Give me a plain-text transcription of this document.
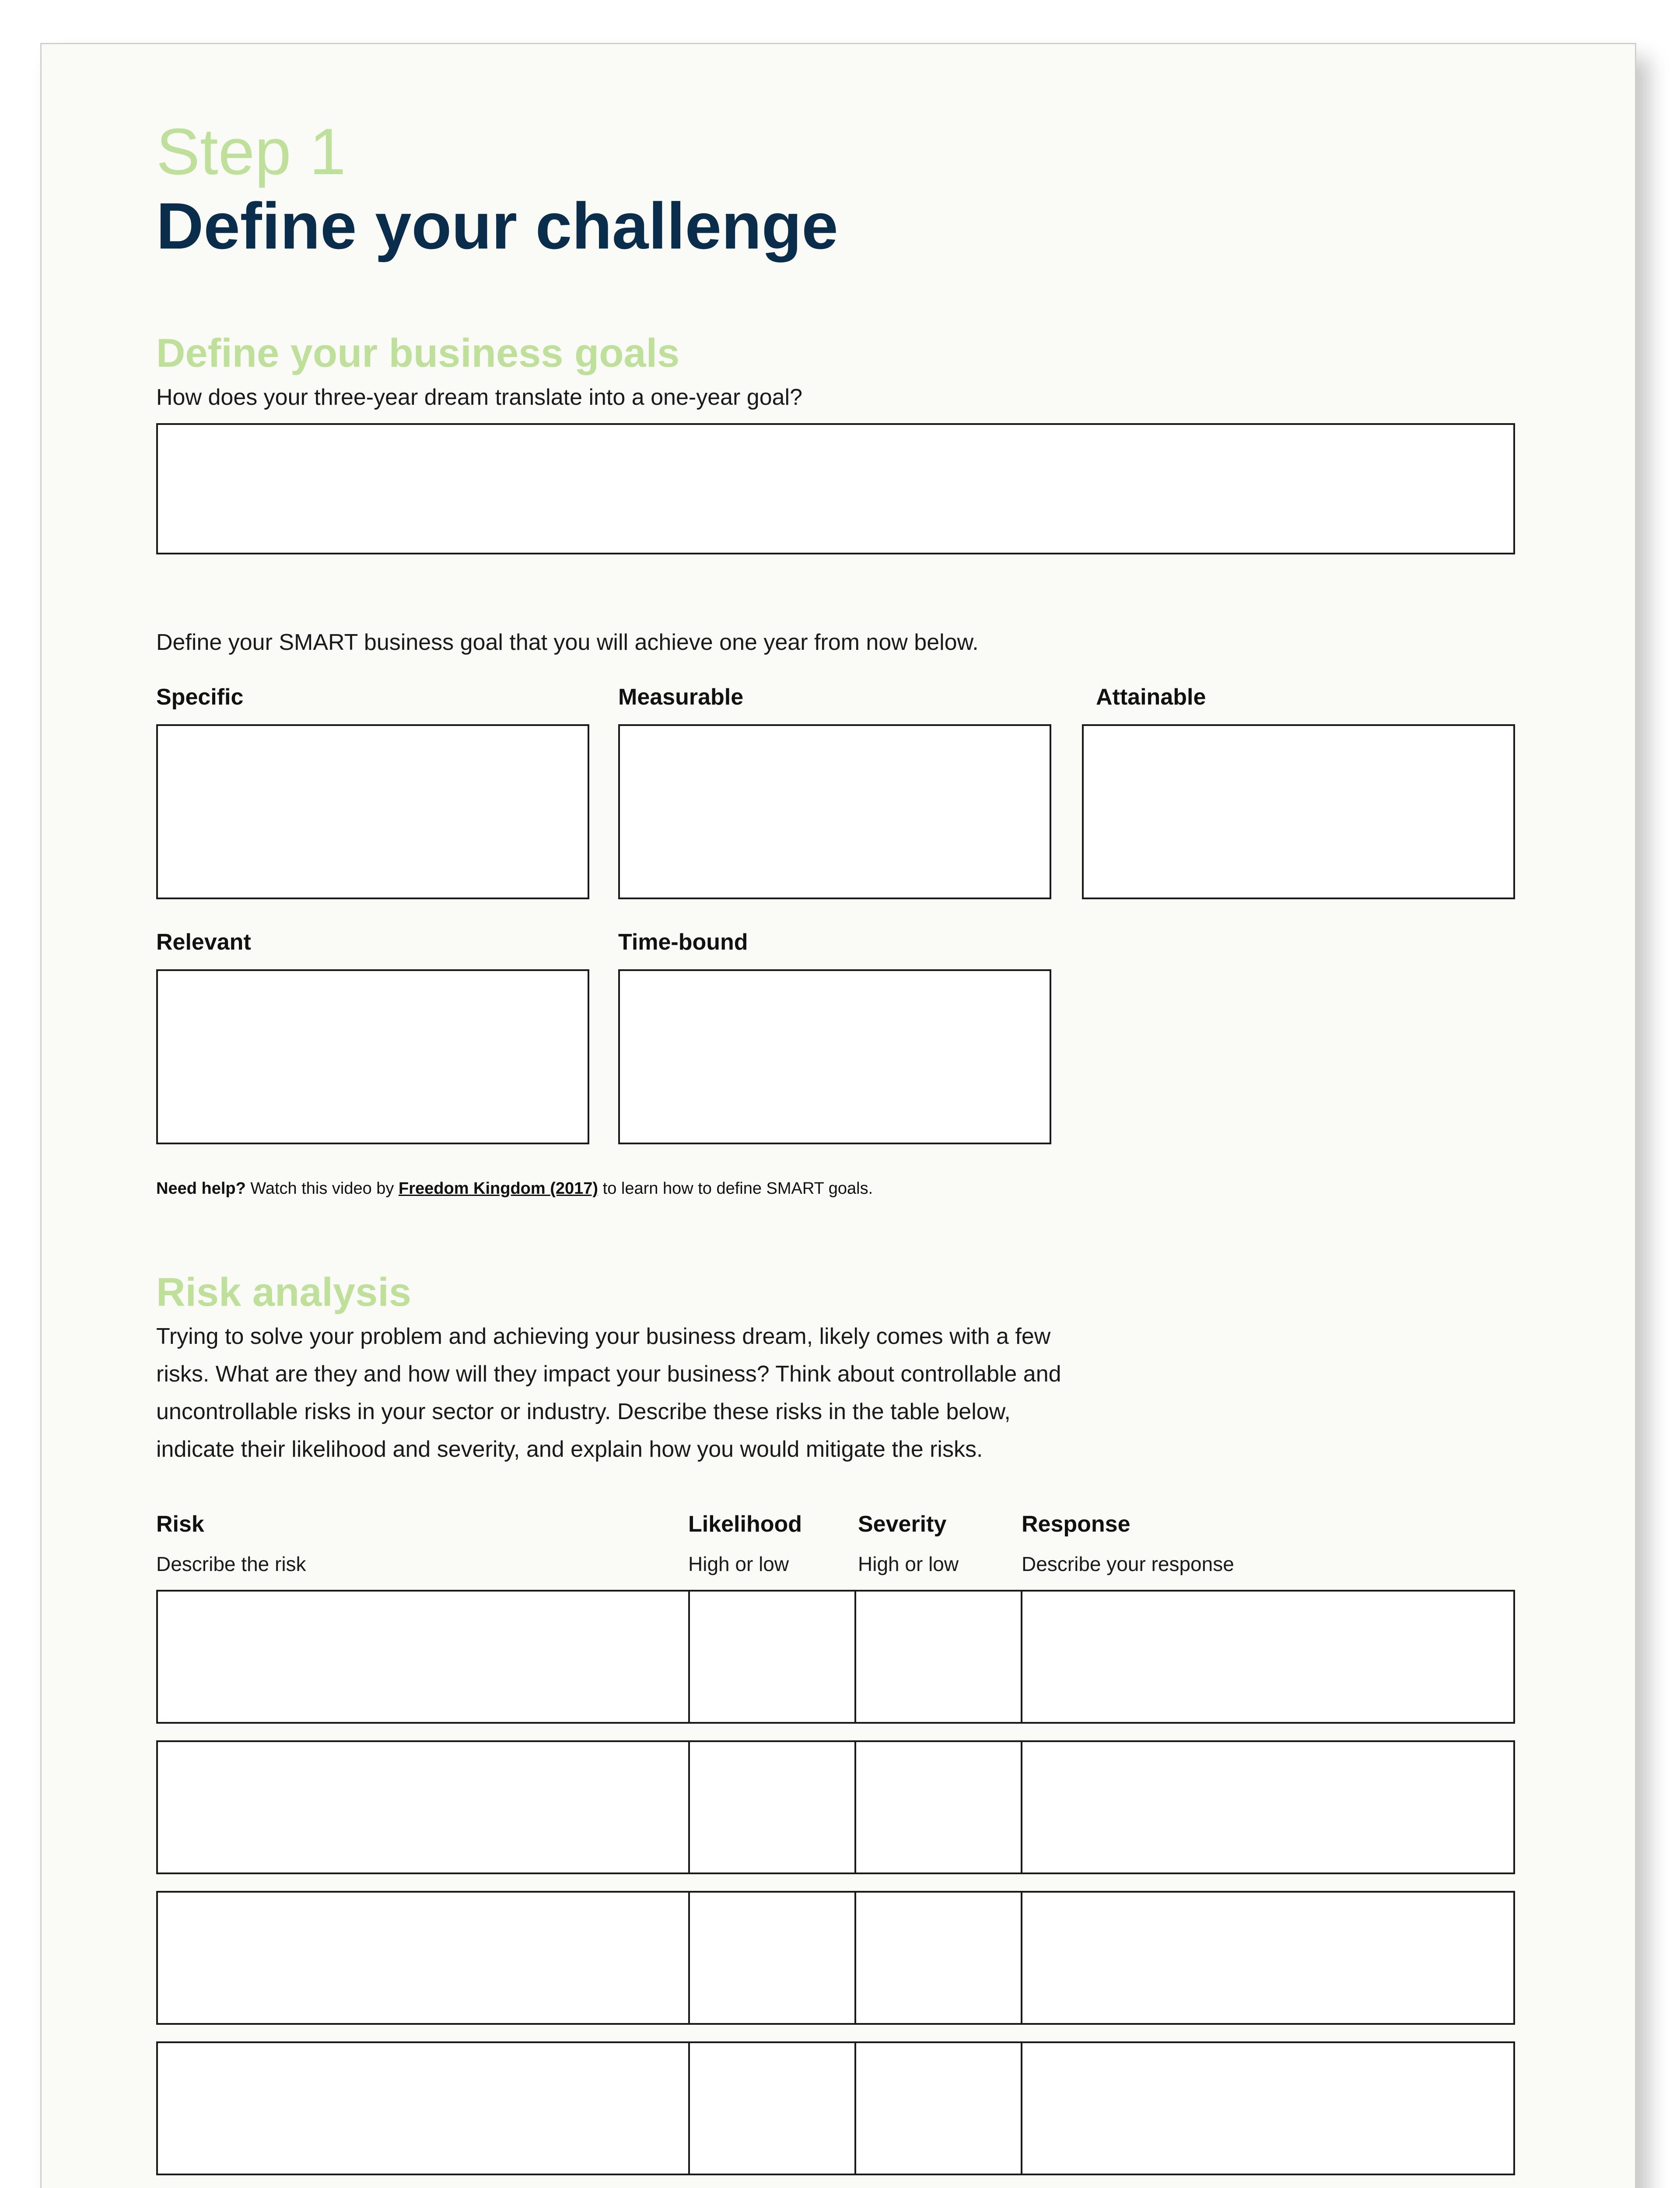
Step 1
Define your challenge
Define your business goals
How does your three-year dream translate into a one-year goal?
Define your SMART business goal that you will achieve one year from now below.
Specific	Measurable	Attainable
Relevant	Time-bound
Need help? Watch this video by Freedom Kingdom (2017) to learn how to define SMART goals.
Risk analysis
Trying to solve your problem and achieving your business dream, likely comes with a few
risks. What are they and how will they impact your business? Think about controllable and
uncontrollable risks in your sector or industry. Describe these risks in the table below,
indicate their likelihood and severity, and explain how you would mitigate the risks.
Risk	Likelihood Severity	Response
Describe the risk	High or low	High or low	Describe your response
